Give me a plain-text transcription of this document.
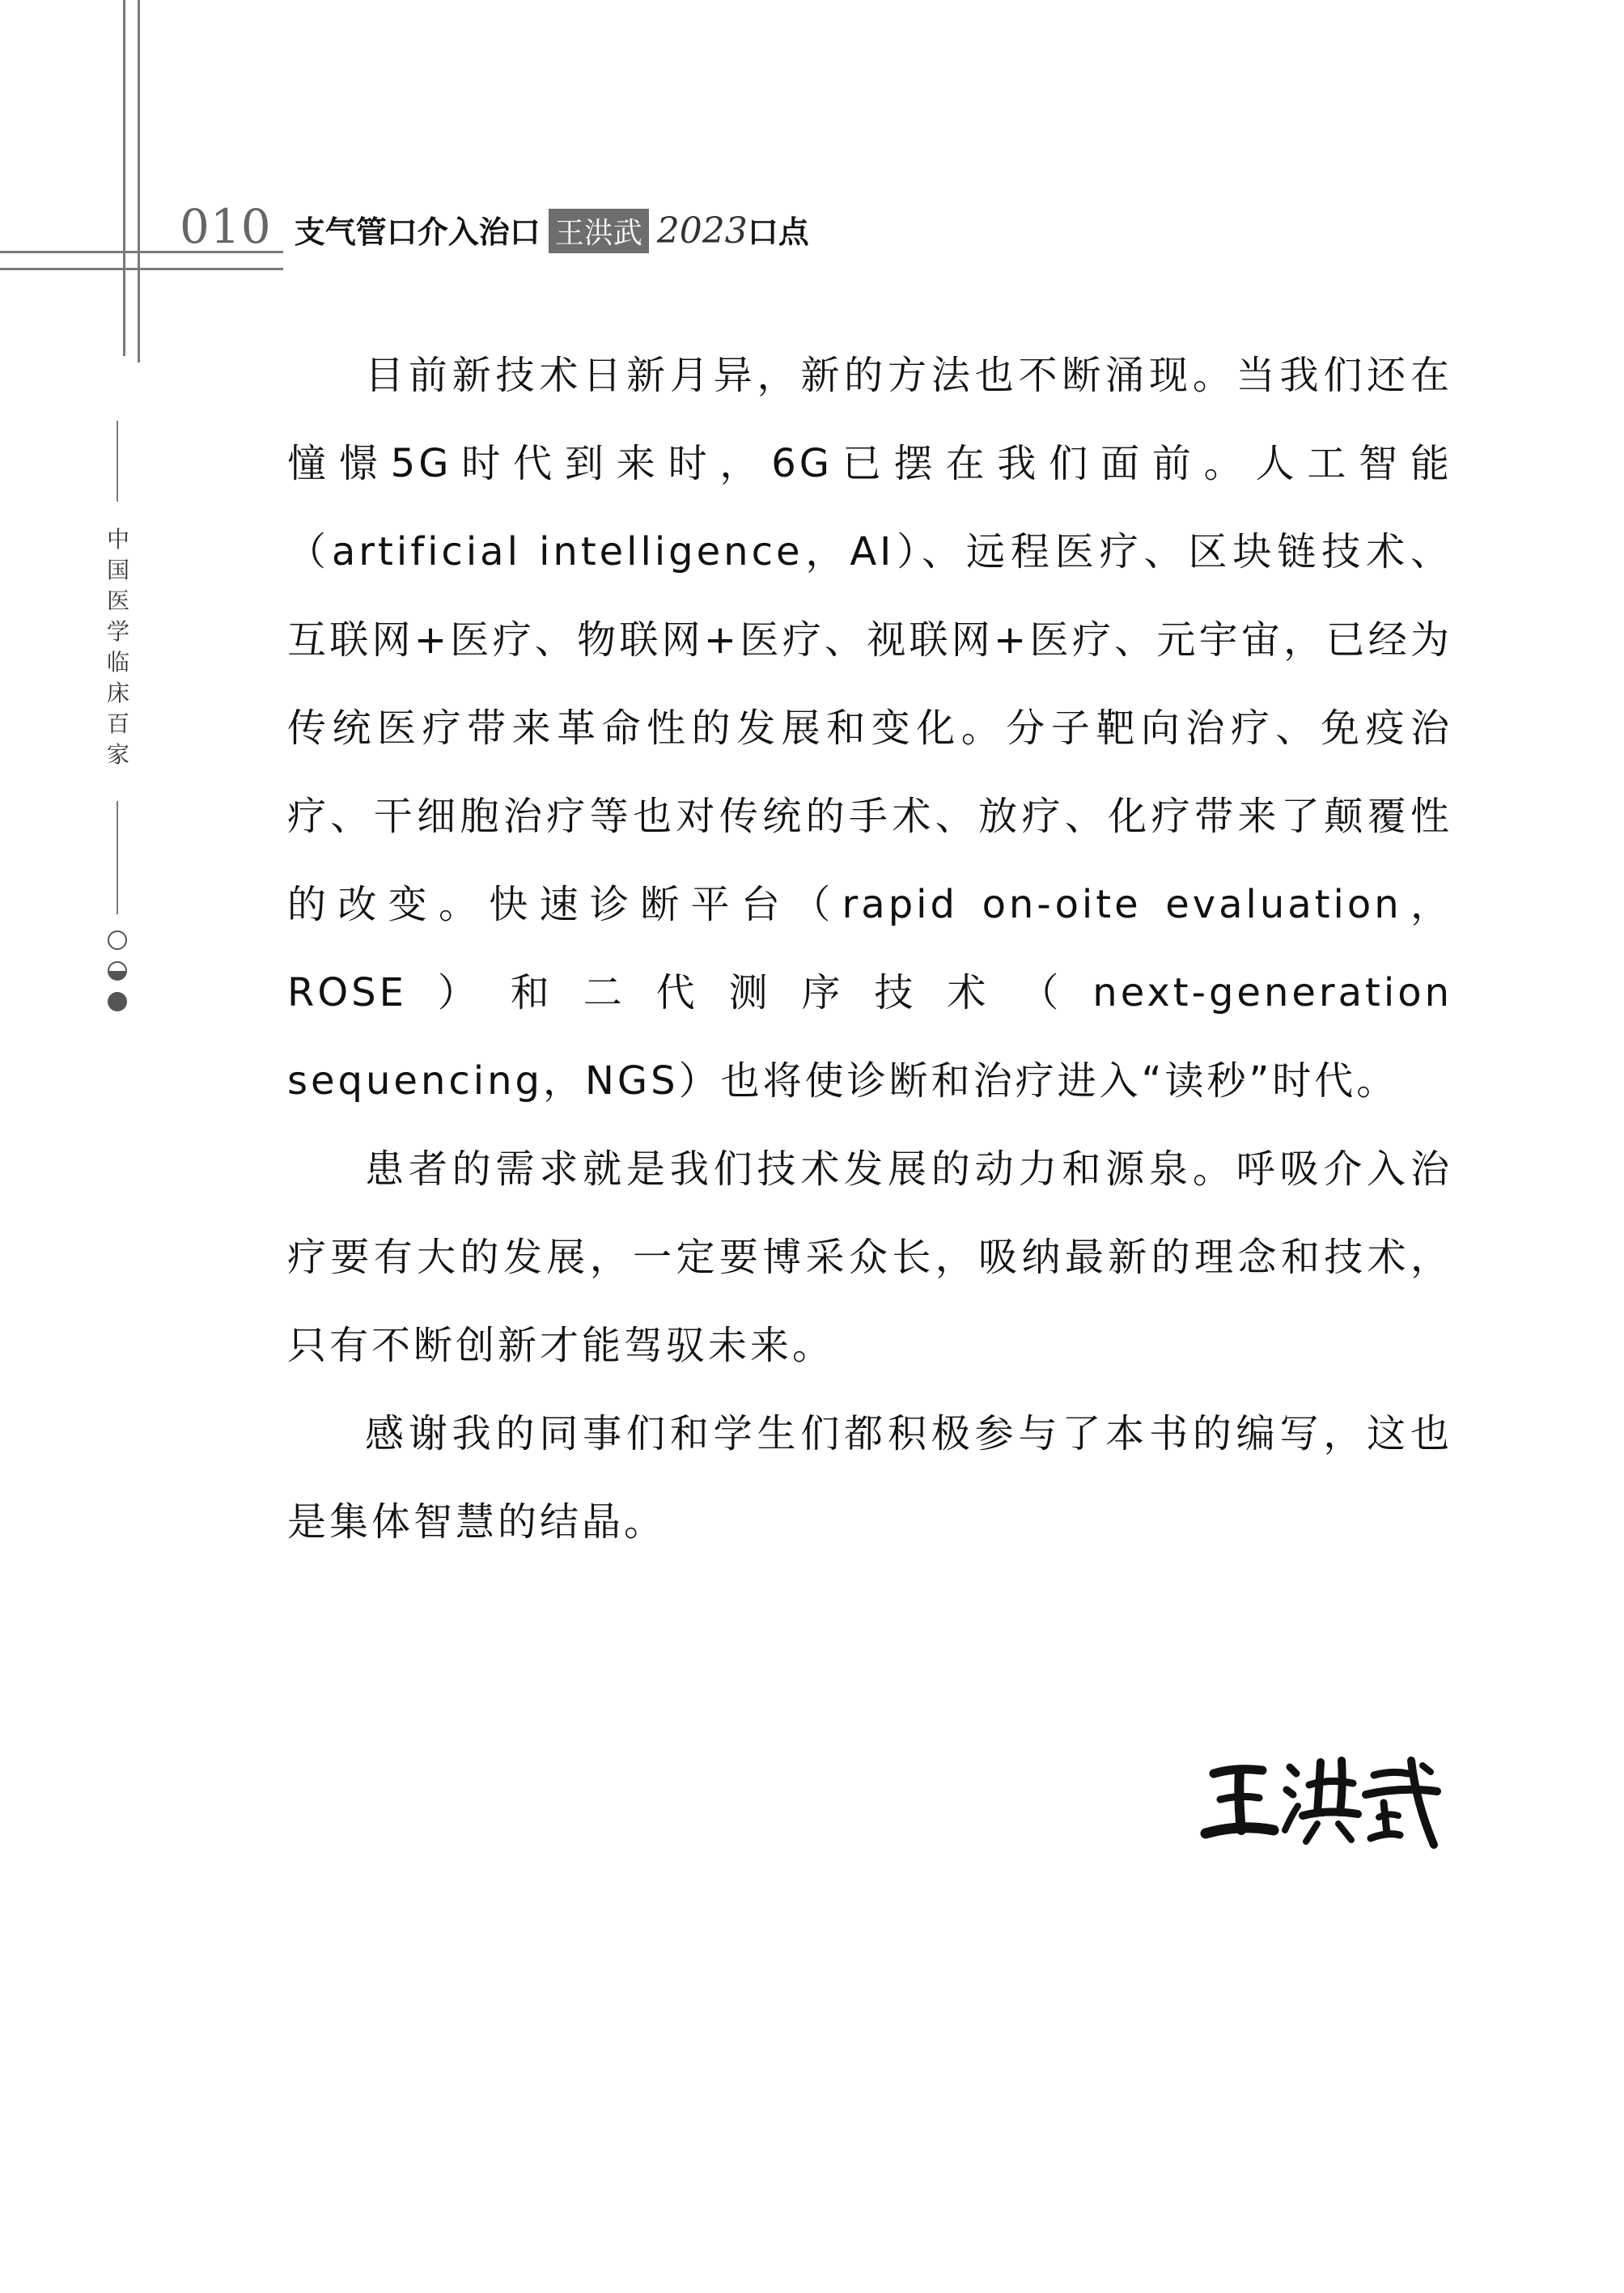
010 支气管口介入治口 王洪武 2023 口点
中国医学临床百家

目前新技术日新月异，新的方法也不断涌现。当我们还在憧憬5G时代到来时，6G已摆在我们面前。人工智能（artificial intelligence，AI）、远程医疗、区块链技术、互联网+医疗、物联网+医疗、视联网+医疗、元宇宙，已经为传统医疗带来革命性的发展和变化。分子靶向治疗、免疫治疗、干细胞治疗等也对传统的手术、放疗、化疗带来了颠覆性的改变。快速诊断平台（rapid on-oite evaluation，ROSE）和二代测序技术（next-generation sequencing，NGS）也将使诊断和治疗进入“读秒”时代。

患者的需求就是我们技术发展的动力和源泉。呼吸介入治疗要有大的发展，一定要博采众长，吸纳最新的理念和技术，只有不断创新才能驾驭未来。

感谢我的同事们和学生们都积极参与了本书的编写，这也是集体智慧的结晶。
